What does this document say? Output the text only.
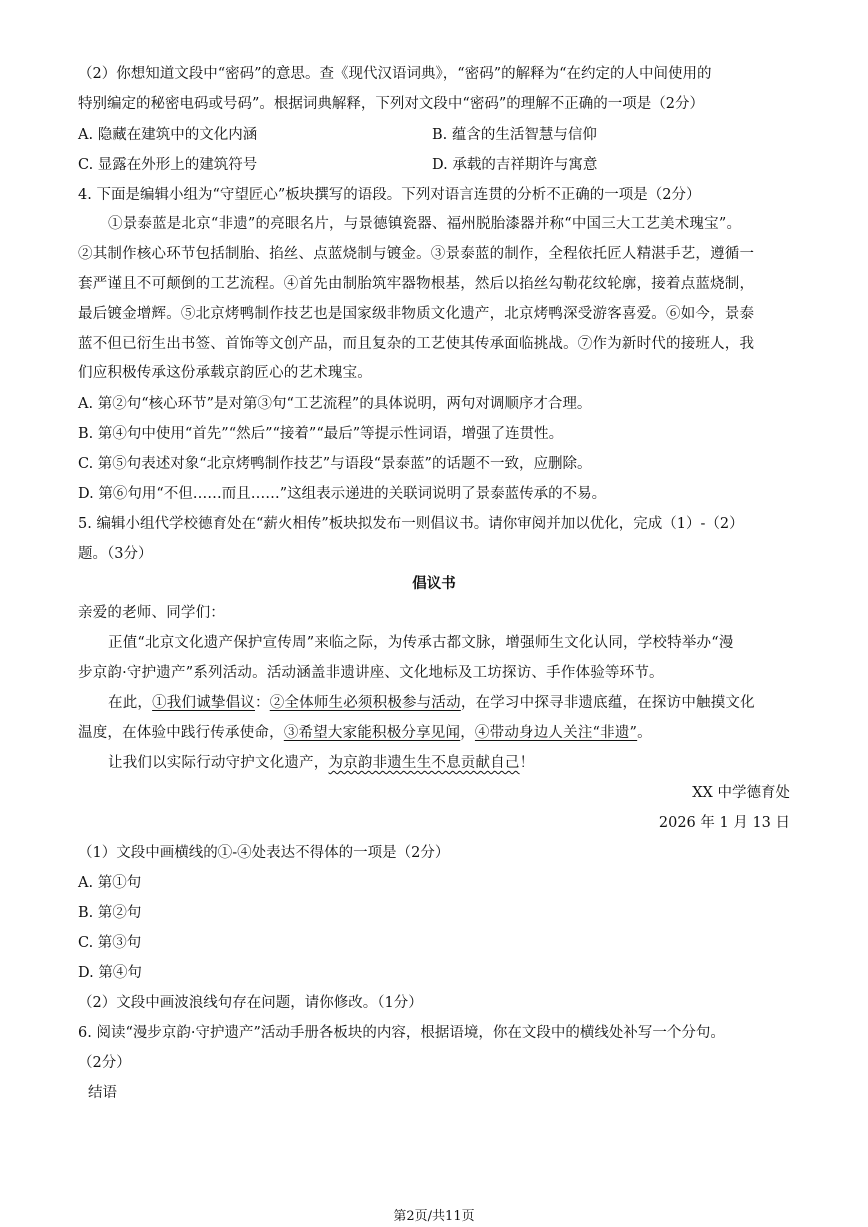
（2）你想知道文段中“密码”的意思。查《现代汉语词典》，“密码”的解释为“在约定的人中间使用的
特别编定的秘密电码或号码”。根据词典解释，下列对文段中“密码”的理解不正确的一项是（2分）
A. 隐藏在建筑中的文化内涵	B. 蕴含的生活智慧与信仰
C. 显露在外形上的建筑符号	D. 承载的吉祥期许与寓意
4. 下面是编辑小组为“守望匠心”板块撰写的语段。下列对语言连贯的分析不正确的一项是（2分）
①景泰蓝是北京“非遗”的亮眼名片，与景德镇瓷器、福州脱胎漆器并称“中国三大工艺美术瑰宝”。
②其制作核心环节包括制胎、掐丝、点蓝烧制与镀金。③景泰蓝的制作，全程依托匠人精湛手艺，遵循一
套严谨且不可颠倒的工艺流程。④首先由制胎筑牢器物根基，然后以掐丝勾勒花纹轮廓，接着点蓝烧制，
最后镀金增辉。⑤北京烤鸭制作技艺也是国家级非物质文化遗产，北京烤鸭深受游客喜爱。⑥如今，景泰
蓝不但已衍生出书签、首饰等文创产品，而且复杂的工艺使其传承面临挑战。⑦作为新时代的接班人，我
们应积极传承这份承载京韵匠心的艺术瑰宝。
A. 第②句“核心环节”是对第③句“工艺流程”的具体说明，两句对调顺序才合理。
B. 第④句中使用“首先”“然后”“接着”“最后”等提示性词语，增强了连贯性。
C. 第⑤句表述对象“北京烤鸭制作技艺”与语段“景泰蓝”的话题不一致，应删除。
D. 第⑥句用“不但……而且……”这组表示递进的关联词说明了景泰蓝传承的不易。
5. 编辑小组代学校德育处在“薪火相传”板块拟发布一则倡议书。请你审阅并加以优化，完成（1）-（2）
题。（3分）
倡议书
亲爱的老师、同学们：
正值“北京文化遗产保护宣传周”来临之际，为传承古都文脉，增强师生文化认同，学校特举办“漫
步京韵·守护遗产”系列活动。活动涵盖非遗讲座、文化地标及工坊探访、手作体验等环节。
在此，①我们诚挚倡议：②全体师生必须积极参与活动，在学习中探寻非遗底蕴，在探访中触摸文化
温度，在体验中践行传承使命，③希望大家能积极分享见闻，④带动身边人关注“非遗”。
让我们以实际行动守护文化遗产，为京韵非遗生生不息贡献自己！
XX 中学德育处
2026 年 1 月 13 日
（1）文段中画横线的①-④处表达不得体的一项是（2分）
A. 第①句
B. 第②句
C. 第③句
D. 第④句
（2）文段中画波浪线句存在问题，请你修改。（1分）
6. 阅读“漫步京韵·守护遗产”活动手册各板块的内容，根据语境，你在文段中的横线处补写一个分句。
（2分）
结语
第2页/共11页
